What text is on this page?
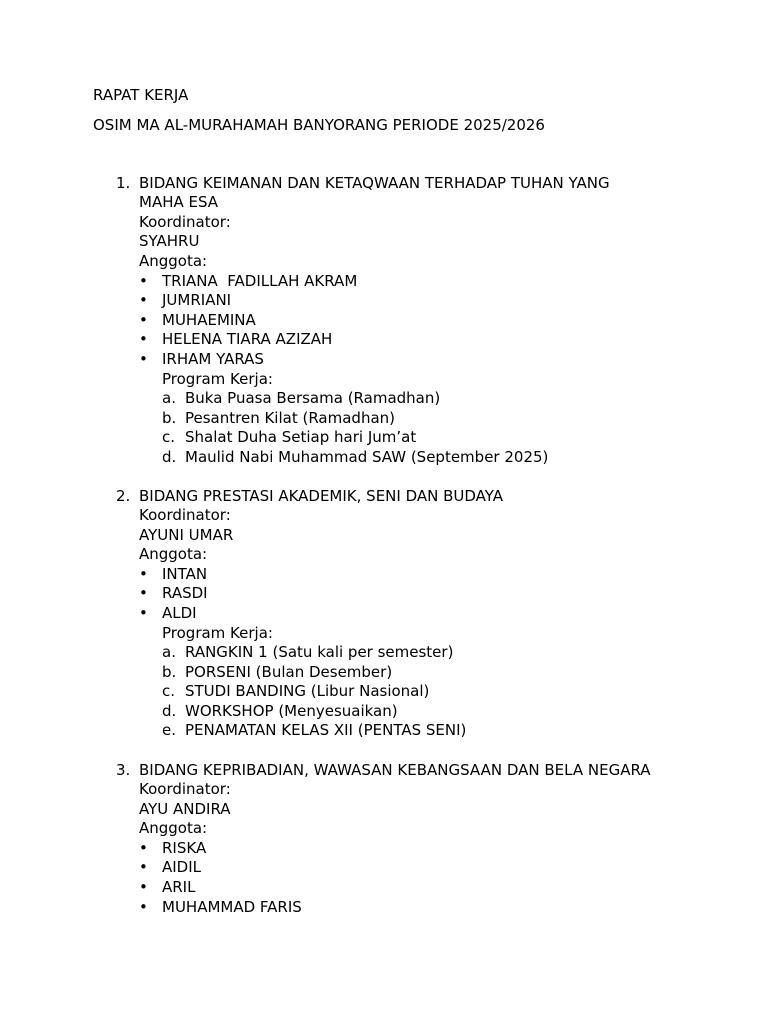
RAPAT KERJA
OSIM MA AL-MURAHAMAH BANYORANG PERIODE 2025/2026
1. BIDANG KEIMANAN DAN KETAQWAAN TERHADAP TUHAN YANG
MAHA ESA
Koordinator:
SYAHRU
Anggota:
• TRIANA  FADILLAH AKRAM
• JUMRIANI
• MUHAEMINA
• HELENA TIARA AZIZAH
• IRHAM YARAS
Program Kerja:
a. Buka Puasa Bersama (Ramadhan)
b. Pesantren Kilat (Ramadhan)
c. Shalat Duha Setiap hari Jum’at
d. Maulid Nabi Muhammad SAW (September 2025)
2. BIDANG PRESTASI AKADEMIK, SENI DAN BUDAYA
Koordinator:
AYUNI UMAR
Anggota:
• INTAN
• RASDI
• ALDI
Program Kerja:
a. RANGKIN 1 (Satu kali per semester)
b. PORSENI (Bulan Desember)
c. STUDI BANDING (Libur Nasional)
d. WORKSHOP (Menyesuaikan)
e. PENAMATAN KELAS XII (PENTAS SENI)
3. BIDANG KEPRIBADIAN, WAWASAN KEBANGSAAN DAN BELA NEGARA
Koordinator:
AYU ANDIRA
Anggota:
• RISKA
• AIDIL
• ARIL
• MUHAMMAD FARIS
